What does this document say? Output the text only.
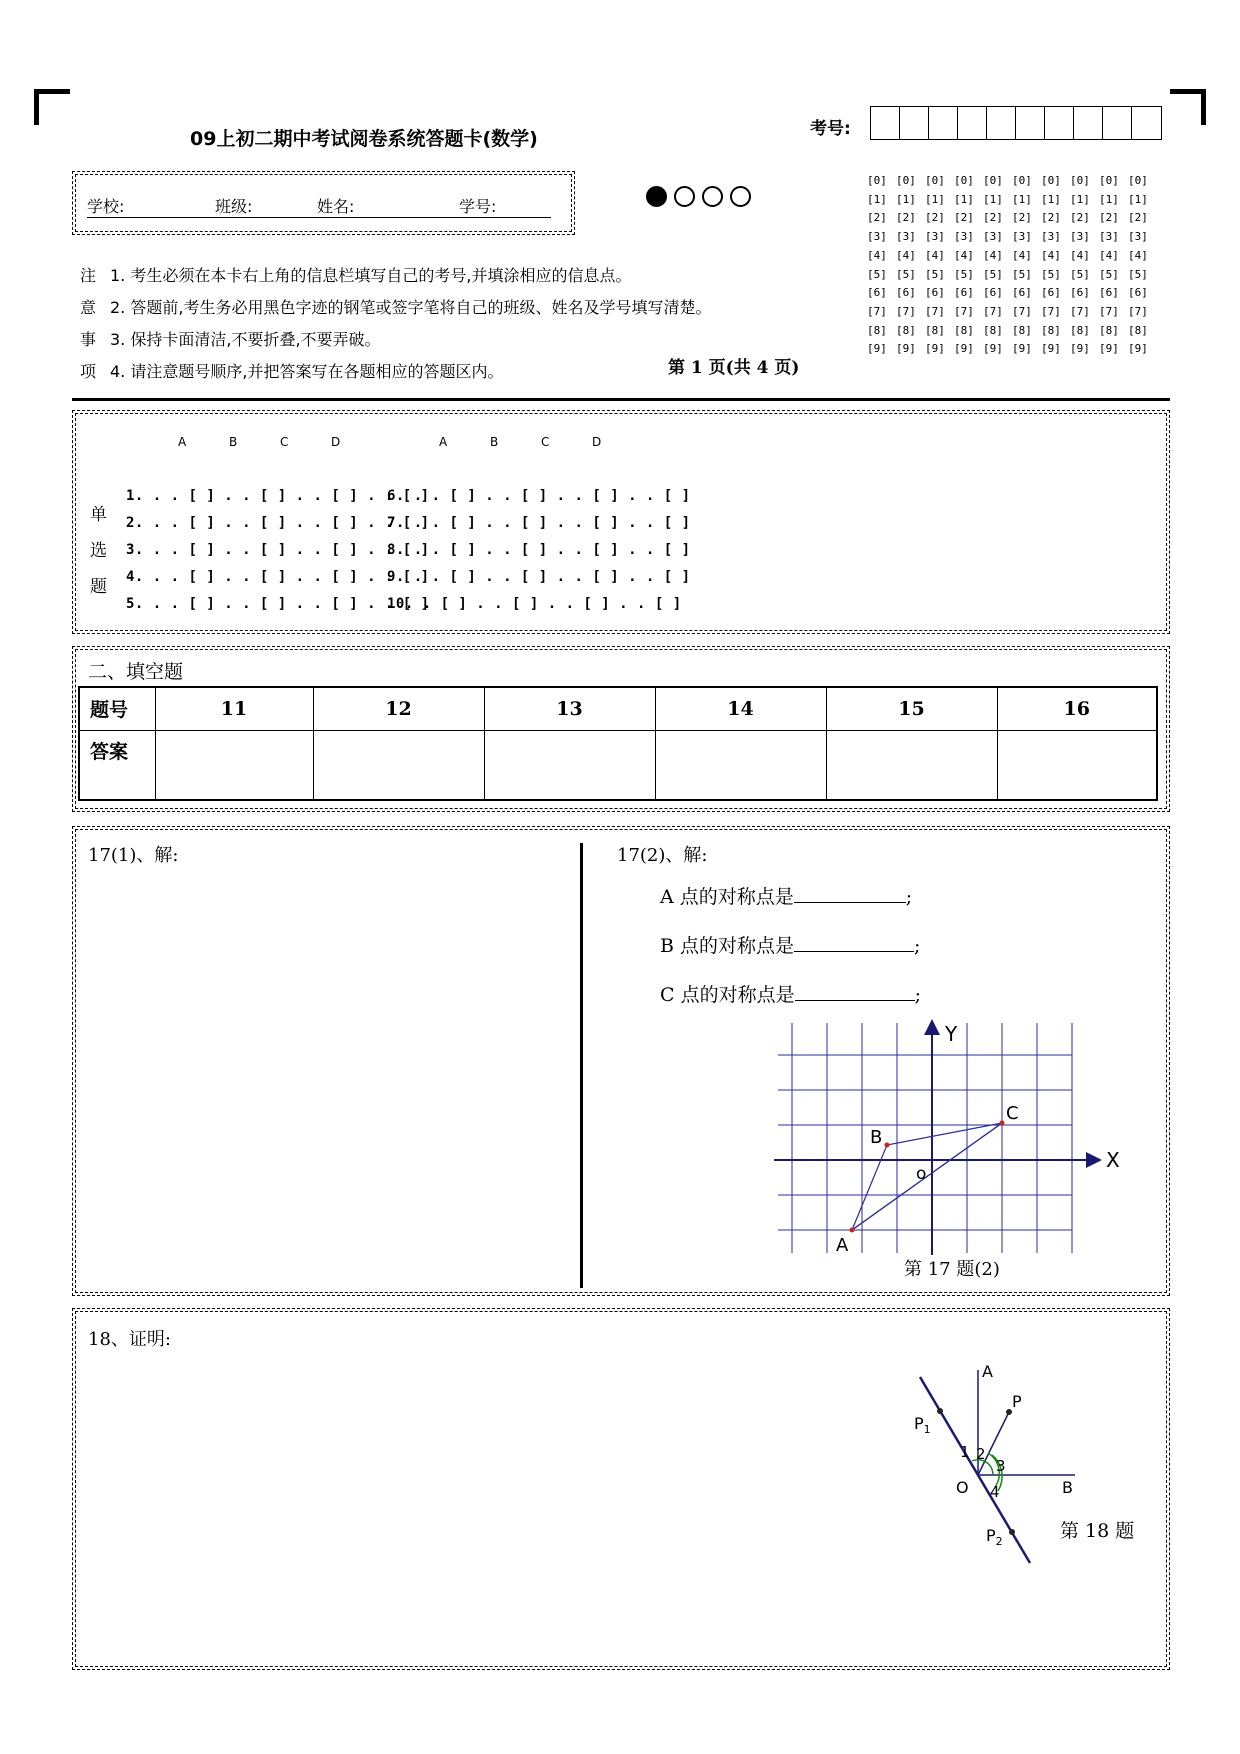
09上初二期中考试阅卷系统答题卡(数学)	考号:
学校:	班级:	姓名:	学号:
[0] [0] [0] [0] [0] [0] [0] [0] [0] [0]
[1] [1] [1] [1] [1] [1] [1] [1] [1] [1]
[2] [2] [2] [2] [2] [2] [2] [2] [2] [2]
[3] [3] [3] [3] [3] [3] [3] [3] [3] [3]
[4] [4] [4] [4] [4] [4] [4] [4] [4] [4]
[5] [5] [5] [5] [5] [5] [5] [5] [5] [5]
[6] [6] [6] [6] [6] [6] [6] [6] [6] [6]
[7] [7] [7] [7] [7] [7] [7] [7] [7] [7]
[8] [8] [8] [8] [8] [8] [8] [8] [8] [8]
[9] [9] [9] [9] [9] [9] [9] [9] [9] [9]
注 1. 考生必须在本卡右上角的信息栏填写自己的考号,并填涂相应的信息点。
意 2. 答题前,考生务必用黑色字迹的钢笔或签字笔将自己的班级、姓名及学号填写清楚。
事 3. 保持卡面清洁,不要折叠,不要弄破。
项 4. 请注意题号顺序,并把答案写在各题相应的答题区内。	第 1 页(共 4 页)
单
选
题
A	B	C	D	A	B	C	D
1. . . [ ] . . [ ] . . [ ] . . [ ]
2. . . [ ] . . [ ] . . [ ] . . [ ]
3. . . [ ] . . [ ] . . [ ] . . [ ]
4. . . [ ] . . [ ] . . [ ] . . [ ]
5. . . [ ] . . [ ] . . [ ] . . [ ]
6. . . [ ] . . [ ] . . [ ] . . [ ]
7. . . [ ] . . [ ] . . [ ] . . [ ]
8. . . [ ] . . [ ] . . [ ] . . [ ]
9. . . [ ] . . [ ] . . [ ] . . [ ]
10. . [ ] . . [ ] . . [ ] . . [ ]
二、填空题
题号	11	12	13	14	15	16
答案						
17(1)、解:	17(2)、解:
A 点的对称点是	;
B 点的对称点是	;
C 点的对称点是	;
Y
X
A
B
C
o
第 17 题(2)
18、证明:
A
P
$P_1$
1 2
3
O 4	B
$P_2$	第 18 题
